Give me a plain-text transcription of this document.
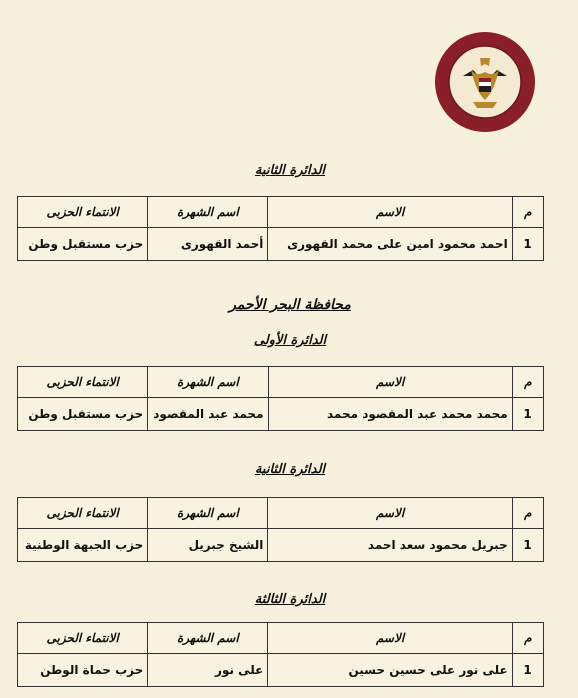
الدائرة الثانية
م	الاسم	اسم الشهرة	الانتماء الحزبى
1	احمد محمود امين على محمد القهورى	أحمد القهورى	حزب مستقبل وطن
محافظة البحر الأحمر
الدائرة الأولى
م	الاسم	اسم الشهرة	الانتماء الحزبى
1	محمد محمد عبد المقصود محمد	محمد عبد المقصود	حزب مستقبل وطن
الدائرة الثانية
م	الاسم	اسم الشهرة	الانتماء الحزبى
1	جبريل محمود سعد احمد	الشيخ جبريل	حزب الجبهة الوطنية
الدائرة الثالثة
م	الاسم	اسم الشهرة	الانتماء الحزبى
1	على نور على حسين حسين	على نور	حزب حماة الوطن
